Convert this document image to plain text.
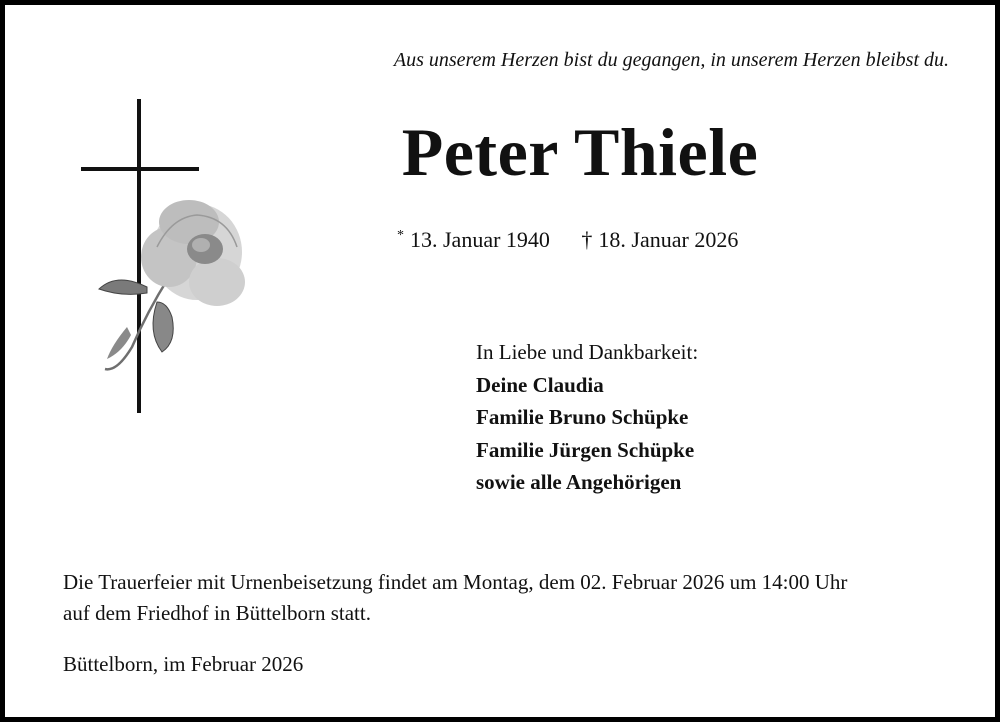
Aus unserem Herzen bist du gegangen, in unserem Herzen bleibst du.
Peter Thiele
* 13. Januar 1940 † 18. Januar 2026
In Liebe und Dankbarkeit:
Deine Claudia
Familie Bruno Schüpke
Familie Jürgen Schüpke
sowie alle Angehörigen
Die Trauerfeier mit Urnenbeisetzung findet am Montag, dem 02. Februar 2026 um 14:00 Uhr
auf dem Friedhof in Büttelborn statt.
Büttelborn, im Februar 2026
